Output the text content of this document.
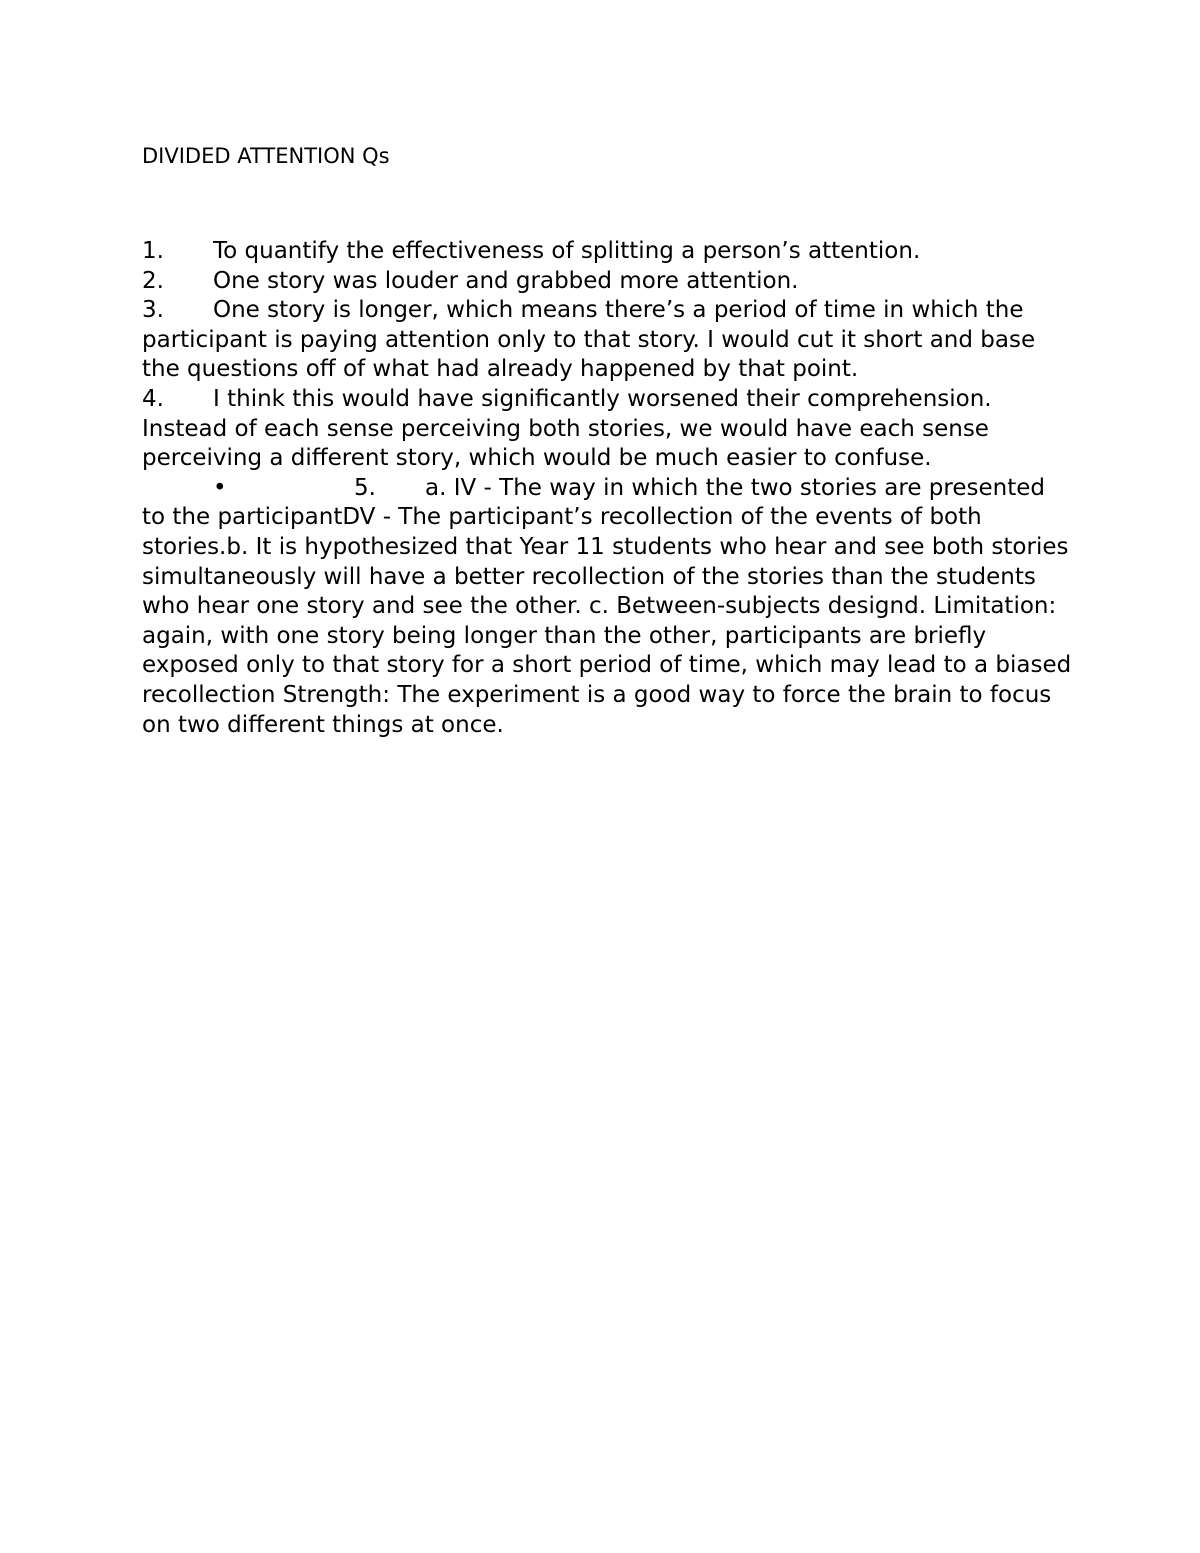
DIVIDED ATTENTION Qs

1. To quantify the effectiveness of splitting a person’s attention.

2. One story was louder and grabbed more attention.

3. One story is longer, which means there’s a period of time in which the participant is paying attention only to that story. I would cut it short and base the questions off of what had already happened by that point.

4. I think this would have significantly worsened their comprehension. Instead of each sense perceiving both stories, we would have each sense perceiving a different story, which would be much easier to confuse.

•	5. a. IV - The way in which the two stories are presented to the participantDV - The participant’s recollection of the events of both stories.b. It is hypothesized that Year 11 students who hear and see both stories simultaneously will have a better recollection of the stories than the students who hear one story and see the other. c. Between-subjects designd. Limitation: again, with one story being longer than the other, participants are briefly exposed only to that story for a short period of time, which may lead to a biased recollection Strength: The experiment is a good way to force the brain to focus on two different things at once.
